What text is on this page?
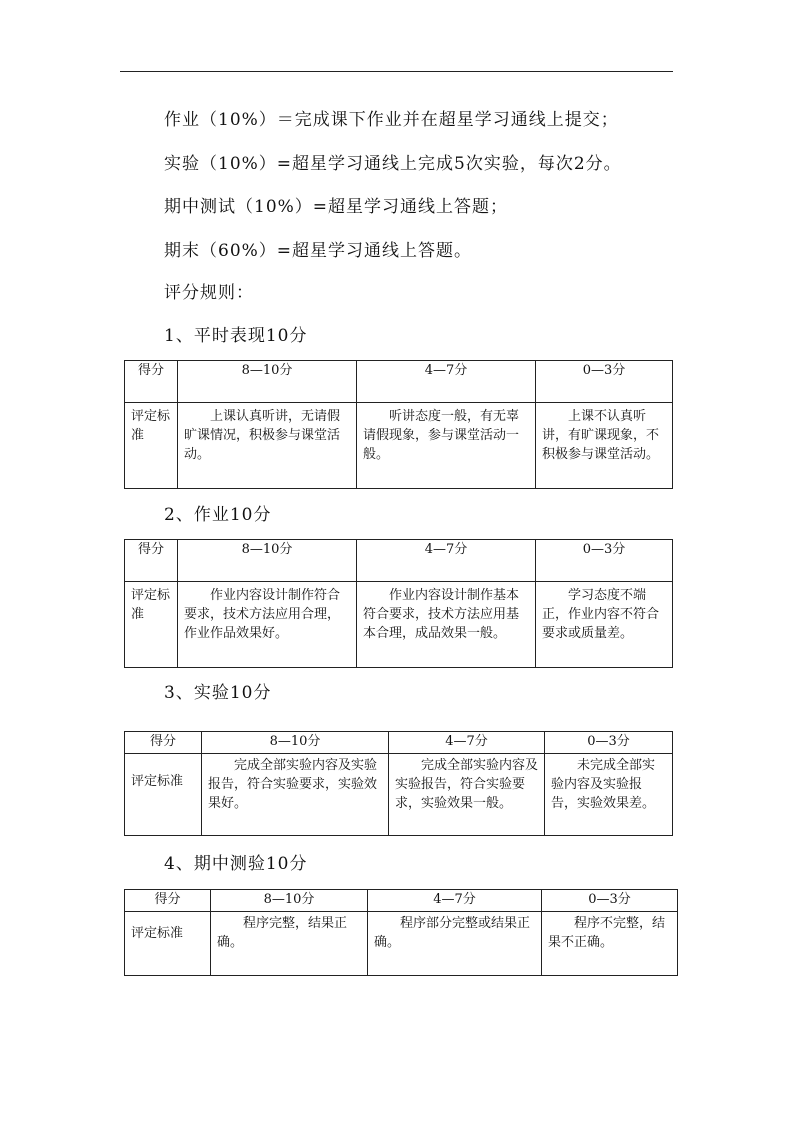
作业（10%）＝完成课下作业并在超星学习通线上提交；
实验（10%）=超星学习通线上完成5次实验，每次2分。
期中测试（10%）=超星学习通线上答题；
期末（60%）=超星学习通线上答题。
评分规则：
1、平时表现10分
得分	8—10分	4—7分	0—3分
评定标准	上课认真听讲，无请假旷课情况，积极参与课堂活动。	听讲态度一般，有无辜请假现象，参与课堂活动一般。	上课不认真听讲，有旷课现象，不积极参与课堂活动。
2、作业10分
得分	8—10分	4—7分	0—3分
评定标准	作业内容设计制作符合要求，技术方法应用合理，作业作品效果好。	作业内容设计制作基本符合要求，技术方法应用基本合理，成品效果一般。	学习态度不端正，作业内容不符合要求或质量差。
3、实验10分
得分	8—10分	4—7分	0—3分
评定标准	完成全部实验内容及实验报告，符合实验要求，实验效果好。	完成全部实验内容及实验报告，符合实验要求，实验效果一般。	未完成全部实验内容及实验报告，实验效果差。
4、期中测验10分
得分	8—10分	4—7分	0—3分
评定标准	程序完整，结果正确。	程序部分完整或结果正确。	程序不完整，结果不正确。
